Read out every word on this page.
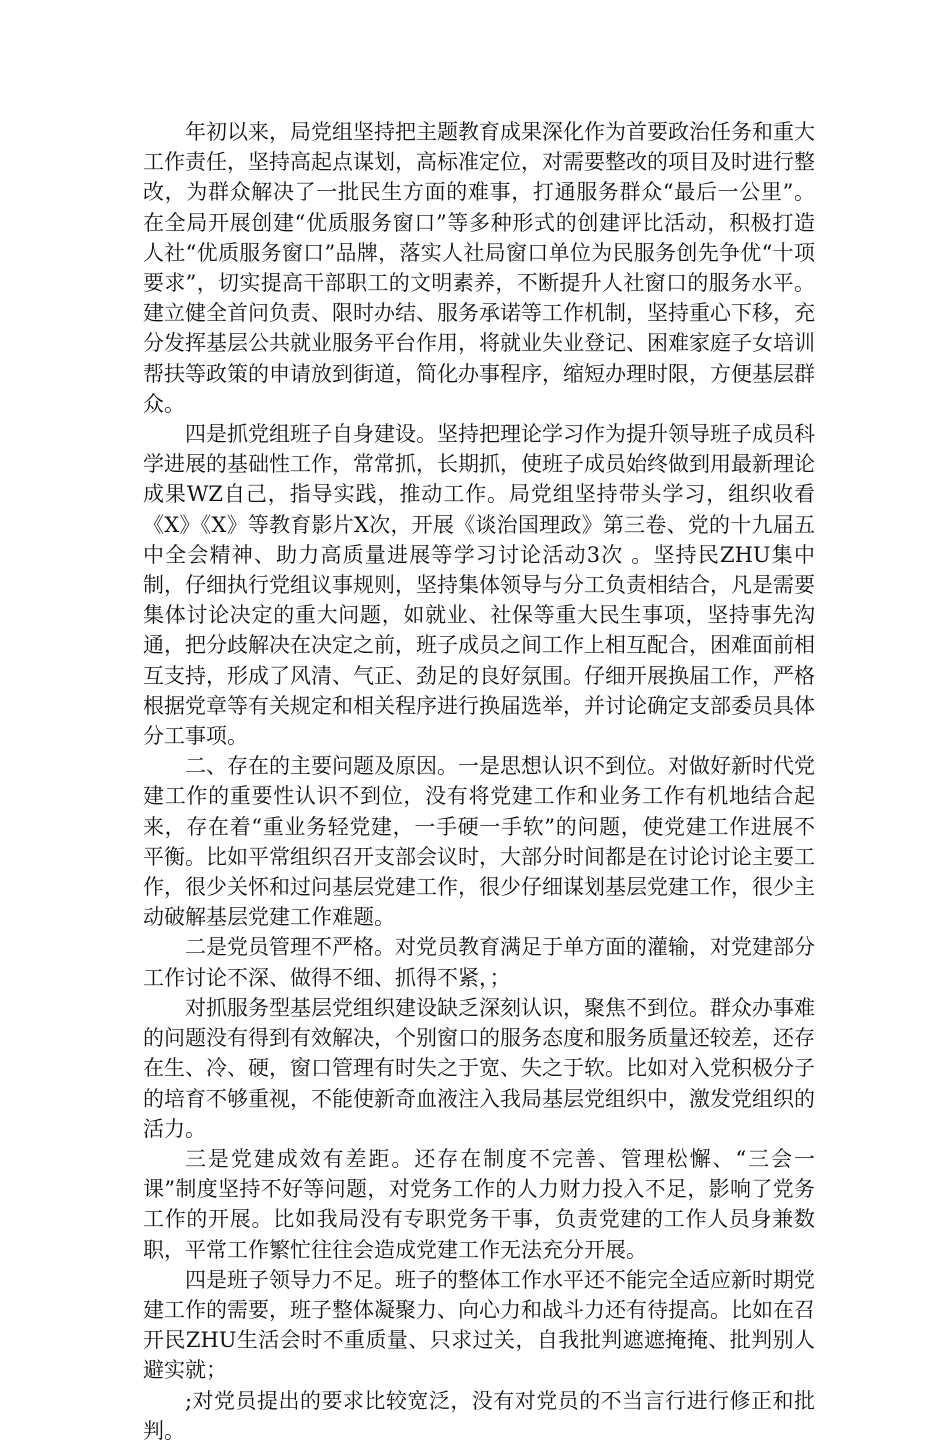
年初以来，局党组坚持把主题教育成果深化作为首要政治任务和重大工作责任，坚持高起点谋划，高标准定位，对需要整改的项目及时进行整改，为群众解决了一批民生方面的难事，打通服务群众“最后一公里”。在全局开展创建“优质服务窗口”等多种形式的创建评比活动，积极打造人社“优质服务窗口”品牌，落实人社局窗口单位为民服务创先争优“十项要求”，切实提高干部职工的文明素养，不断提升人社窗口的服务水平。建立健全首问负责、限时办结、服务承诺等工作机制，坚持重心下移，充分发挥基层公共就业服务平台作用，将就业失业登记、困难家庭子女培训帮扶等政策的申请放到街道，简化办事程序，缩短办理时限，方便基层群众。

四是抓党组班子自身建设。坚持把理论学习作为提升领导班子成员科学进展的基础性工作，常常抓，长期抓，使班子成员始终做到用最新理论成果WZ自己，指导实践，推动工作。局党组坚持带头学习，组织收看《X》《X》等教育影片X次，开展《谈治国理政》第三卷、党的十九届五中全会精神、助力高质量进展等学习讨论活动3次 。坚持民ZHU集中制，仔细执行党组议事规则，坚持集体领导与分工负责相结合，凡是需要集体讨论决定的重大问题，如就业、社保等重大民生事项，坚持事先沟通，把分歧解决在决定之前，班子成员之间工作上相互配合，困难面前相互支持，形成了风清、气正、劲足的良好氛围。仔细开展换届工作，严格根据党章等有关规定和相关程序进行换届选举，并讨论确定支部委员具体分工事项。

二、存在的主要问题及原因。一是思想认识不到位。对做好新时代党建工作的重要性认识不到位，没有将党建工作和业务工作有机地结合起来，存在着“重业务轻党建，一手硬一手软”的问题，使党建工作进展不平衡。比如平常组织召开支部会议时，大部分时间都是在讨论讨论主要工作，很少关怀和过问基层党建工作，很少仔细谋划基层党建工作，很少主动破解基层党建工作难题。

二是党员管理不严格。对党员教育满足于单方面的灌输，对党建部分工作讨论不深、做得不细、抓得不紧，；

对抓服务型基层党组织建设缺乏深刻认识，聚焦不到位。群众办事难的问题没有得到有效解决，个别窗口的服务态度和服务质量还较差，还存在生、冷、硬，窗口管理有时失之于宽、失之于软。比如对入党积极分子的培育不够重视，不能使新奇血液注入我局基层党组织中，激发党组织的活力。

三是党建成效有差距。还存在制度不完善、管理松懈、“三会一课”制度坚持不好等问题，对党务工作的人力财力投入不足，影响了党务工作的开展。比如我局没有专职党务干事，负责党建的工作人员身兼数职，平常工作繁忙往往会造成党建工作无法充分开展。

四是班子领导力不足。班子的整体工作水平还不能完全适应新时期党建工作的需要，班子整体凝聚力、向心力和战斗力还有待提高。比如在召开民ZHU生活会时不重质量、只求过关，自我批判遮遮掩掩、批判别人避实就；

;对党员提出的要求比较宽泛，没有对党员的不当言行进行修正和批判。
